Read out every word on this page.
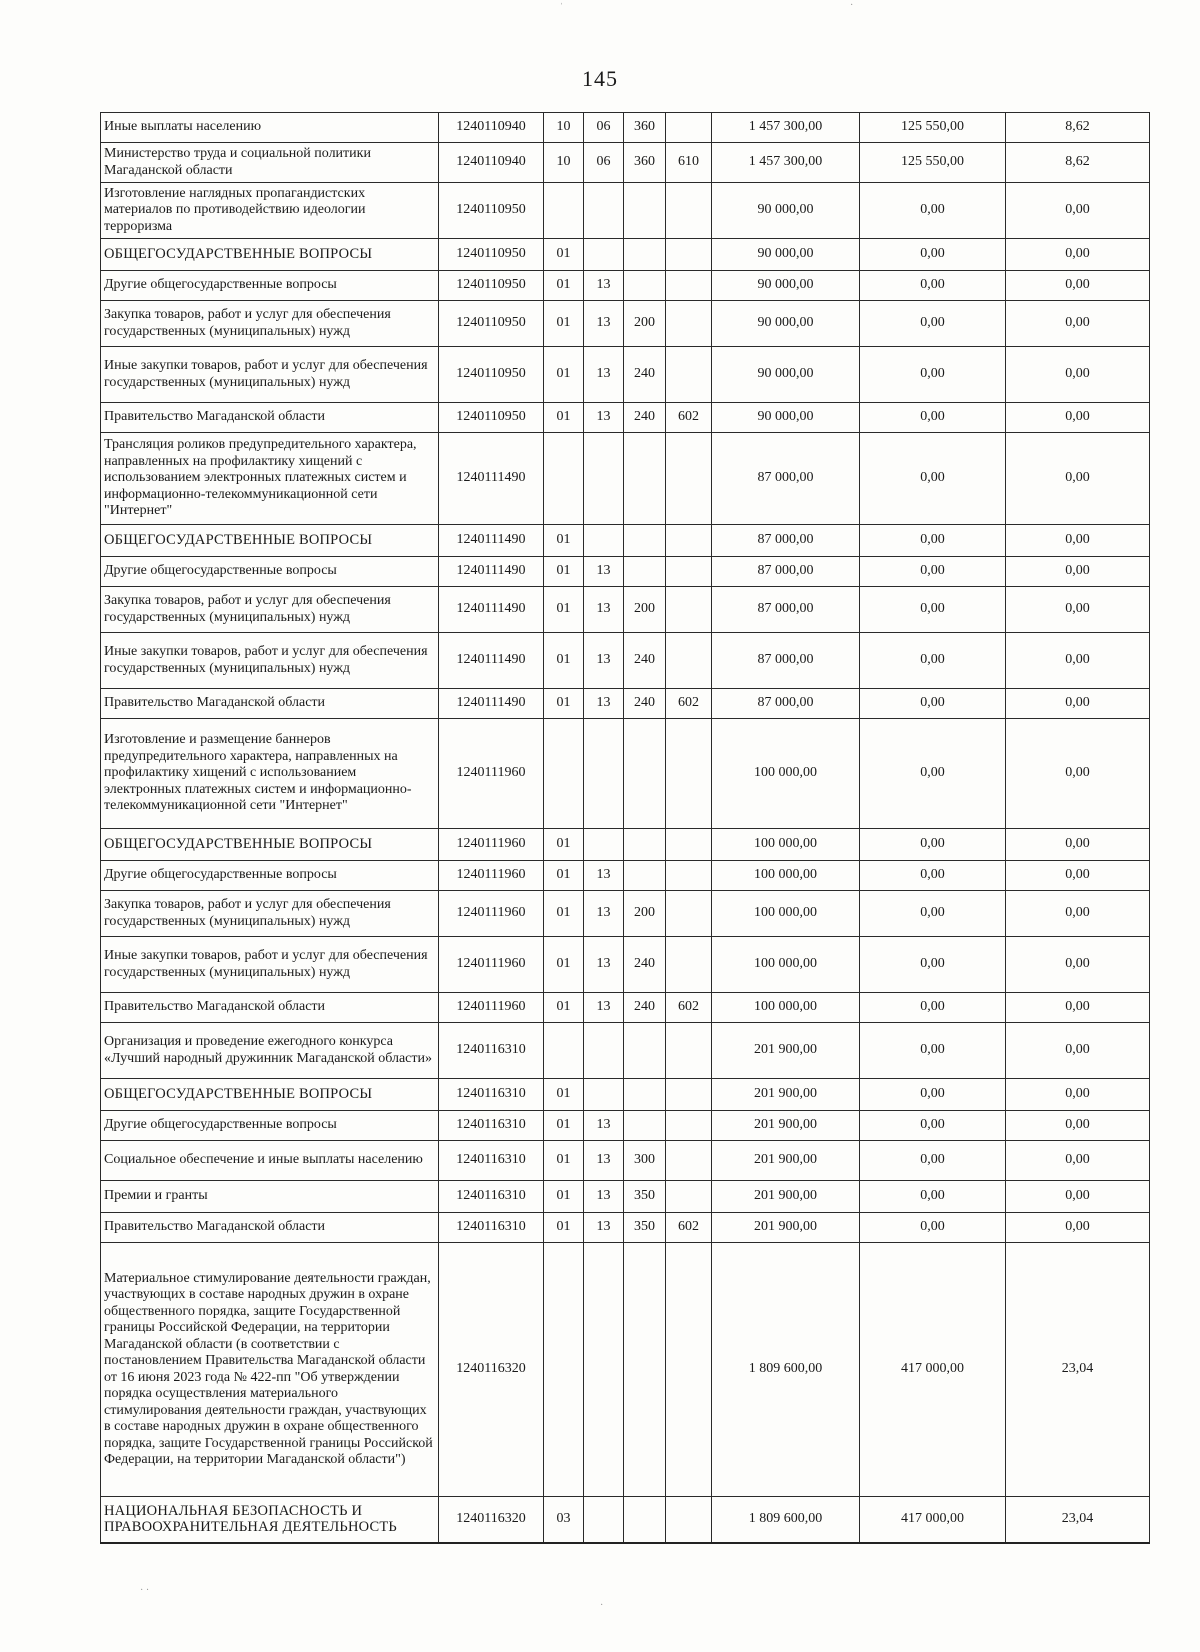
145
ˈ	·
· ·
·
Иные выплаты населению	1240110940	10	06	360		1 457 300,00	125 550,00	8,62
Министерство труда и социальной политики Магаданской области	1240110940	10	06	360	610	1 457 300,00	125 550,00	8,62
Изготовление наглядных пропагандистских материалов по противодействию идеологии терроризма	1240110950					90 000,00	0,00	0,00
ОБЩЕГОСУДАРСТВЕННЫЕ ВОПРОСЫ	1240110950	01				90 000,00	0,00	0,00
Другие общегосударственные вопросы	1240110950	01	13			90 000,00	0,00	0,00
Закупка товаров, работ и услуг для обеспечения государственных (муниципальных) нужд	1240110950	01	13	200		90 000,00	0,00	0,00
Иные закупки товаров, работ и услуг для обеспечения государственных (муниципальных) нужд	1240110950	01	13	240		90 000,00	0,00	0,00
Правительство Магаданской области	1240110950	01	13	240	602	90 000,00	0,00	0,00
Трансляция роликов предупредительного характера, направленных на профилактику хищений с использованием электронных платежных систем и информационно-телекоммуникационной сети "Интернет"	1240111490					87 000,00	0,00	0,00
ОБЩЕГОСУДАРСТВЕННЫЕ ВОПРОСЫ	1240111490	01				87 000,00	0,00	0,00
Другие общегосударственные вопросы	1240111490	01	13			87 000,00	0,00	0,00
Закупка товаров, работ и услуг для обеспечения государственных (муниципальных) нужд	1240111490	01	13	200		87 000,00	0,00	0,00
Иные закупки товаров, работ и услуг для обеспечения государственных (муниципальных) нужд	1240111490	01	13	240		87 000,00	0,00	0,00
Правительство Магаданской области	1240111490	01	13	240	602	87 000,00	0,00	0,00
Изготовление и размещение баннеров предупредительного характера, направленных на профилактику хищений с использованием электронных платежных систем и информационно-телекоммуникационной сети "Интернет"	1240111960					100 000,00	0,00	0,00
ОБЩЕГОСУДАРСТВЕННЫЕ ВОПРОСЫ	1240111960	01				100 000,00	0,00	0,00
Другие общегосударственные вопросы	1240111960	01	13			100 000,00	0,00	0,00
Закупка товаров, работ и услуг для обеспечения государственных (муниципальных) нужд	1240111960	01	13	200		100 000,00	0,00	0,00
Иные закупки товаров, работ и услуг для обеспечения государственных (муниципальных) нужд	1240111960	01	13	240		100 000,00	0,00	0,00
Правительство Магаданской области	1240111960	01	13	240	602	100 000,00	0,00	0,00
Организация и проведение ежегодного конкурса «Лучший народный дружинник Магаданской области»	1240116310					201 900,00	0,00	0,00
ОБЩЕГОСУДАРСТВЕННЫЕ ВОПРОСЫ	1240116310	01				201 900,00	0,00	0,00
Другие общегосударственные вопросы	1240116310	01	13			201 900,00	0,00	0,00
Социальное обеспечение и иные выплаты населению	1240116310	01	13	300		201 900,00	0,00	0,00
Премии и гранты	1240116310	01	13	350		201 900,00	0,00	0,00
Правительство Магаданской области	1240116310	01	13	350	602	201 900,00	0,00	0,00
Материальное стимулирование деятельности граждан, участвующих в составе народных дружин в охране общественного порядка, защите Государственной границы Российской Федерации, на территории Магаданской области (в соответствии с постановлением Правительства Магаданской области от 16 июня 2023 года № 422-пп "Об утверждении порядка осуществления материального стимулирования деятельности граждан, участвующих в составе народных дружин в охране общественного порядка, защите Государственной границы Российской Федерации, на территории Магаданской области")	1240116320					1 809 600,00	417 000,00	23,04
НАЦИОНАЛЬНАЯ БЕЗОПАСНОСТЬ И ПРАВООХРАНИТЕЛЬНАЯ ДЕЯТЕЛЬНОСТЬ	1240116320	03				1 809 600,00	417 000,00	23,04
